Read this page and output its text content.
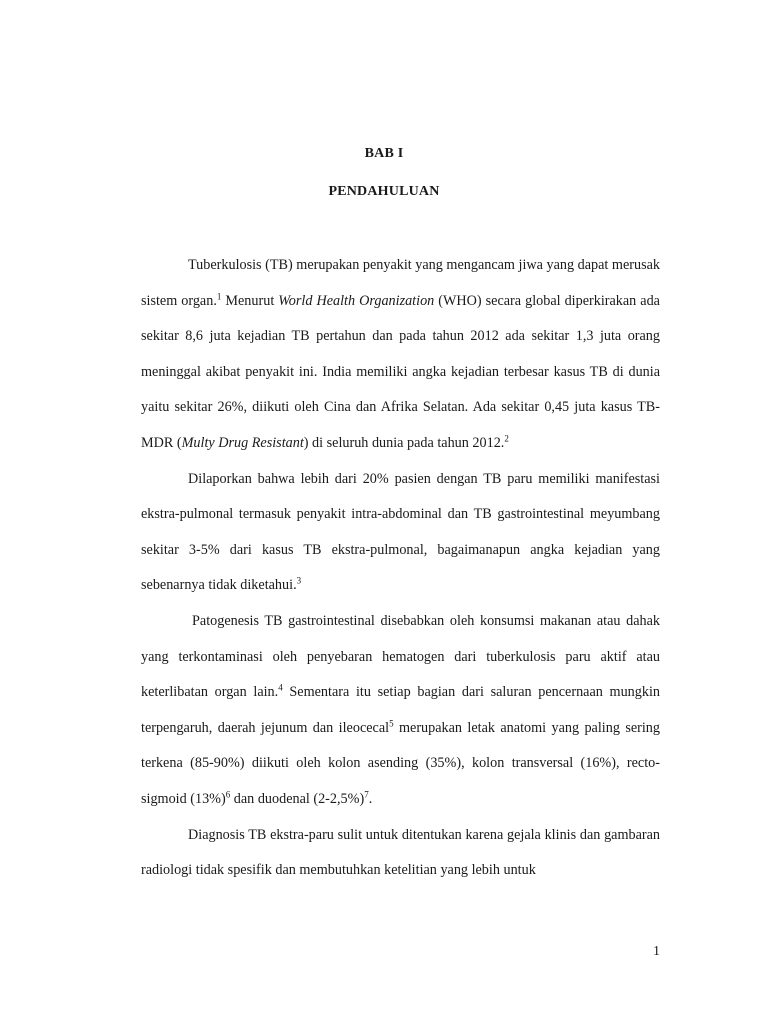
BAB I
PENDAHULUAN

Tuberkulosis (TB) merupakan penyakit yang mengancam jiwa yang dapat merusak sistem organ.$^1$ Menurut World Health Organization (WHO) secara global diperkirakan ada sekitar 8,6 juta kejadian TB pertahun dan pada tahun 2012 ada sekitar 1,3 juta orang meninggal akibat penyakit ini. India memiliki angka kejadian terbesar kasus TB di dunia yaitu sekitar 26%, diikuti oleh Cina dan Afrika Selatan. Ada sekitar 0,45 juta kasus TB-MDR (Multy Drug Resistant) di seluruh dunia pada tahun 2012.$^2$

Dilaporkan bahwa lebih dari 20% pasien dengan TB paru memiliki manifestasi ekstra-pulmonal termasuk penyakit intra-abdominal dan TB gastrointestinal meyumbang sekitar 3-5% dari kasus TB ekstra-pulmonal, bagaimanapun angka kejadian yang sebenarnya tidak diketahui.$^3$

Patogenesis TB gastrointestinal disebabkan oleh konsumsi makanan atau dahak yang terkontaminasi oleh penyebaran hematogen dari tuberkulosis paru aktif atau keterlibatan organ lain.$^4$ Sementara itu setiap bagian dari saluran pencernaan mungkin terpengaruh, daerah jejunum dan ileocecal$^5$ merupakan letak anatomi yang paling sering terkena (85-90%) diikuti oleh kolon asending (35%), kolon transversal (16%), recto-sigmoid $(13\%)^6$ dan duodenal $(2-2,5\%)^7$.

Diagnosis TB ekstra-paru sulit untuk ditentukan karena gejala klinis dan gambaran radiologi tidak spesifik dan membutuhkan ketelitian yang lebih untuk

1
